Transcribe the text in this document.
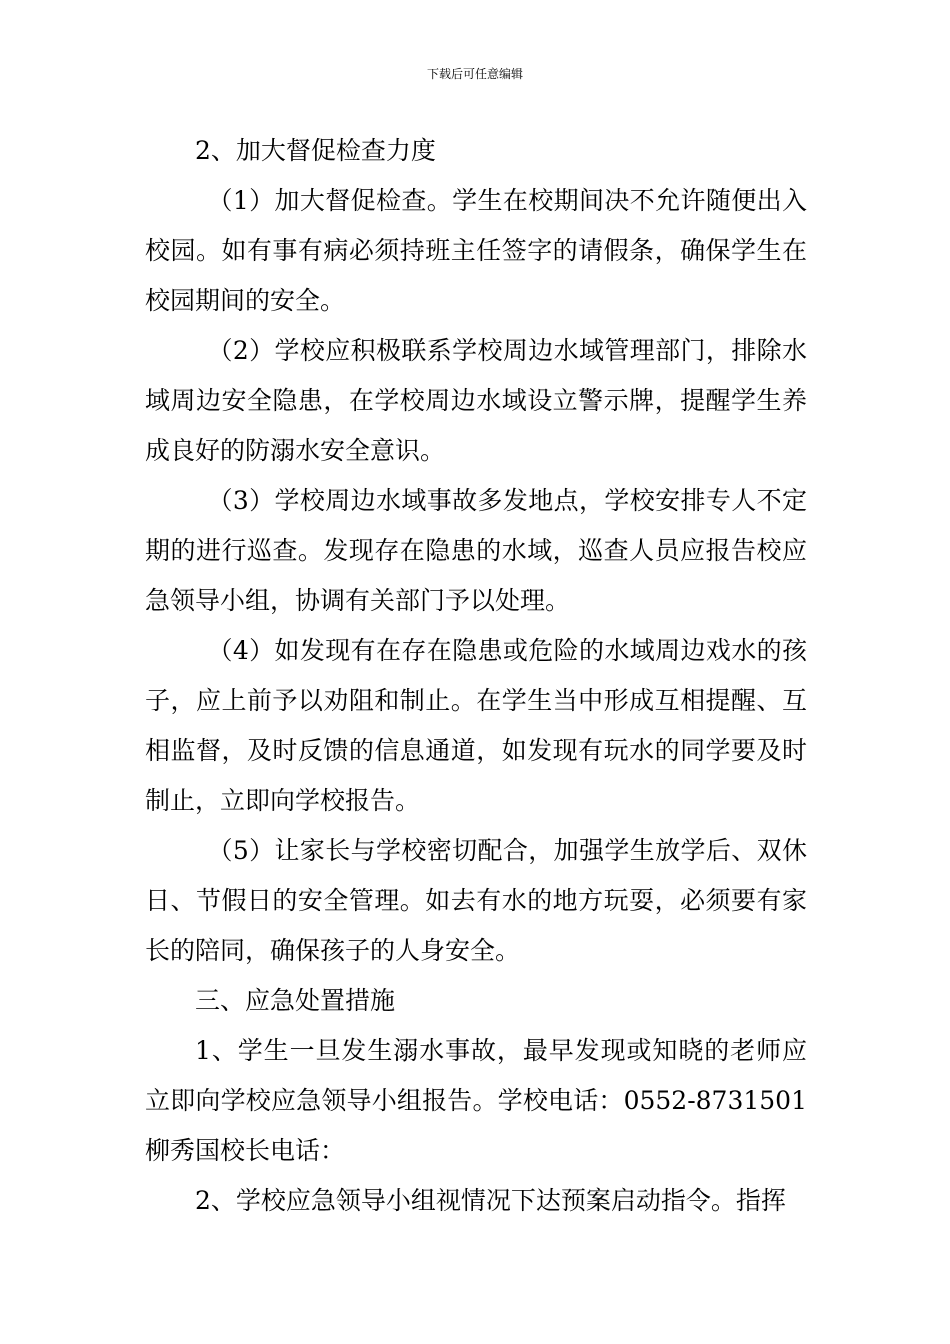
下载后可任意编辑

2、加大督促检查力度

（1）加大督促检查。学生在校期间决不允许随便出入校园。如有事有病必须持班主任签字的请假条，确保学生在校园期间的安全。

（2）学校应积极联系学校周边水域管理部门，排除水域周边安全隐患，在学校周边水域设立警示牌，提醒学生养成良好的防溺水安全意识。

（3）学校周边水域事故多发地点，学校安排专人不定期的进行巡查。发现存在隐患的水域，巡查人员应报告校应急领导小组，协调有关部门予以处理。

（4）如发现有在存在隐患或危险的水域周边戏水的孩子，应上前予以劝阻和制止。在学生当中形成互相提醒、互相监督，及时反馈的信息通道，如发现有玩水的同学要及时制止，立即向学校报告。

（5）让家长与学校密切配合，加强学生放学后、双休日、节假日的安全管理。如去有水的地方玩耍，必须要有家长的陪同，确保孩子的人身安全。

三、应急处置措施

1、学生一旦发生溺水事故，最早发现或知晓的老师应立即向学校应急领导小组报告。学校电话：0552-8731501柳秀国校长电话：

2、学校应急领导小组视情况下达预案启动指令。指挥
